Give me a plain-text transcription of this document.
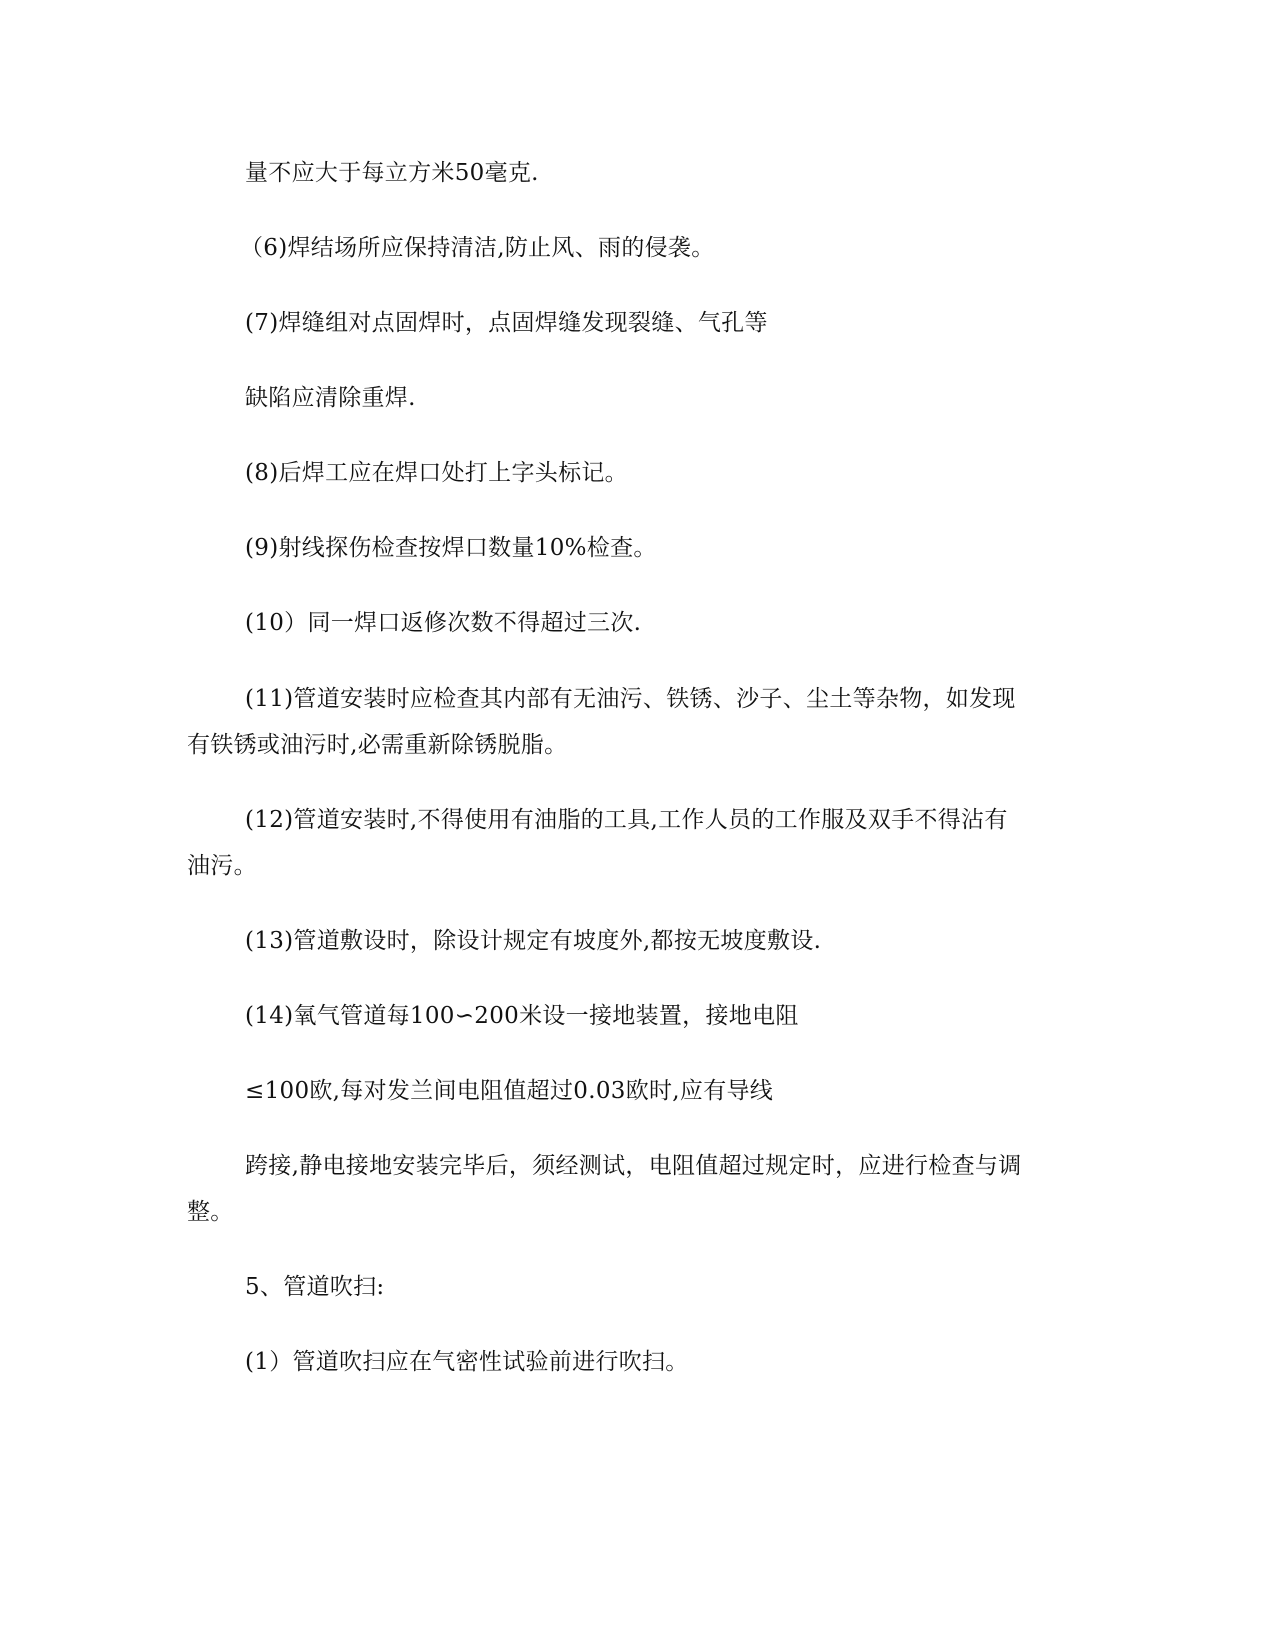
量不应大于每立方米50毫克.
（6)焊结场所应保持清洁,防止风、雨的侵袭。
(7)焊缝组对点固焊时，点固焊缝发现裂缝、气孔等
缺陷应清除重焊.
(8)后焊工应在焊口处打上字头标记。
(9)射线探伤检查按焊口数量10%检查。
(10）同一焊口返修次数不得超过三次.
(11)管道安装时应检查其内部有无油污、铁锈、沙子、尘土等杂物，如发现
有铁锈或油污时,必需重新除锈脱脂。
(12)管道安装时,不得使用有油脂的工具,工作人员的工作服及双手不得沾有
油污。
(13)管道敷设时，除设计规定有坡度外,都按无坡度敷设.
(14)氧气管道每100∽200米设一接地装置，接地电阻
≤100欧,每对发兰间电阻值超过0.03欧时,应有导线
跨接,静电接地安装完毕后，须经测试，电阻值超过规定时，应进行检查与调
整。
5、管道吹扫:
(1）管道吹扫应在气密性试验前进行吹扫。
